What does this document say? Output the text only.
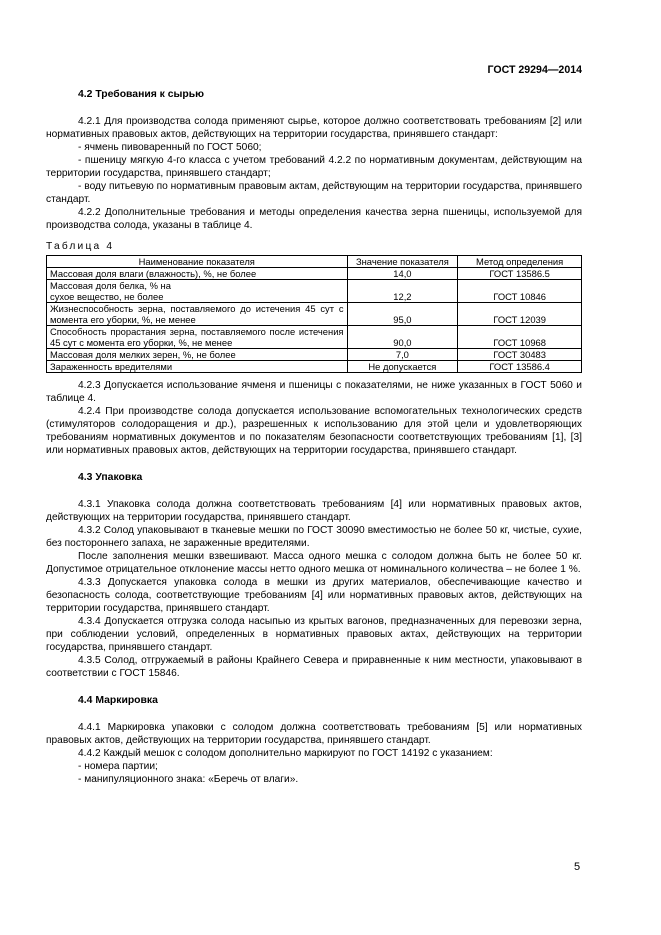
ГОСТ 29294—2014
4.2 Требования к сырью

4.2.1 Для производства солода применяют сырье, которое должно соответствовать требованиям [2] или нормативных правовых актов, действующих на территории государства, принявшего стандарт:

- ячмень пивоваренный по ГОСТ 5060;

- пшеницу мягкую 4-го класса с учетом требований 4.2.2 по нормативным документам, действующим на территории государства, принявшего стандарт;

- воду питьевую по нормативным правовым актам, действующим на территории государства, принявшего стандарт.

4.2.2 Дополнительные требования и методы определения качества зерна пшеницы, используемой для производства солода, указаны в таблице 4.

Таблица 4
Наименование показателя	Значение показателя	Метод определения
Массовая доля влаги (влажность), %, не более	14,0	ГОСТ 13586.5
Массовая доля белка, % на сухое вещество, не более	12,2	ГОСТ 10846
Жизнеспособность зерна, поставляемого до истечения 45 сут с момента его уборки, %, не менее	95,0	ГОСТ 12039
Способность прорастания зерна, поставляемого после истечения 45 сут с момента его уборки, %, не менее	90,0	ГОСТ 10968
Массовая доля мелких зерен, %, не более	7,0	ГОСТ 30483
Зараженность вредителями	Не допускается	ГОСТ 13586.4

4.2.3 Допускается использование ячменя и пшеницы с показателями, не ниже указанных в ГОСТ 5060 и таблице 4.

4.2.4 При производстве солода допускается использование вспомогательных технологических средств (стимуляторов солодоращения и др.), разрешенных к использованию для этой цели и удовлетворяющих требованиям нормативных документов и по показателям безопасности соответствующих требованиям [1], [3] или нормативных правовых актов, действующих на территории государства, принявшего стандарт.

4.3 Упаковка

4.3.1 Упаковка солода должна соответствовать требованиям [4] или нормативных правовых актов, действующих на территории государства, принявшего стандарт.

4.3.2 Солод упаковывают в тканевые мешки по ГОСТ 30090 вместимостью не более 50 кг, чистые, сухие, без постороннего запаха, не зараженные вредителями.

После заполнения мешки взвешивают. Масса одного мешка с солодом должна быть не более 50 кг. Допустимое отрицательное отклонение массы нетто одного мешка от номинального количества – не более 1 %.

4.3.3 Допускается упаковка солода в мешки из других материалов, обеспечивающие качество и безопасность солода, соответствующие требованиям [4] или нормативных правовых актов, действующих на территории государства, принявшего стандарт.

4.3.4 Допускается отгрузка солода насыпью из крытых вагонов, предназначенных для перевозки зерна, при соблюдении условий, определенных в нормативных правовых актах, действующих на территории государства, принявшего стандарт.

4.3.5 Солод, отгружаемый в районы Крайнего Севера и приравненные к ним местности, упаковывают в соответствии с ГОСТ 15846.

4.4 Маркировка

4.4.1 Маркировка упаковки с солодом должна соответствовать требованиям [5] или нормативных правовых актов, действующих на территории государства, принявшего стандарт.

4.4.2 Каждый мешок с солодом дополнительно маркируют по ГОСТ 14192 с указанием:

- номера партии;

- манипуляционного знака: «Беречь от влаги».

5
